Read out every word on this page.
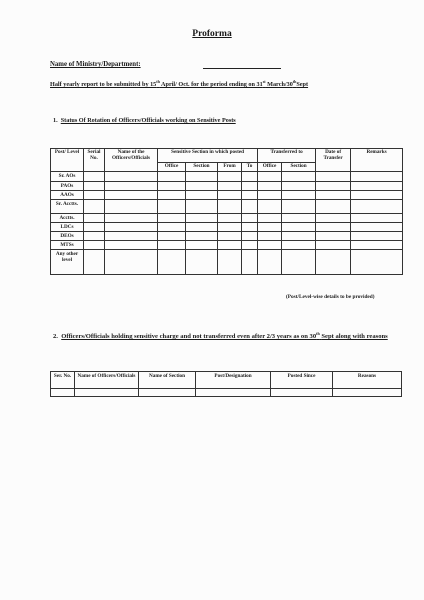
Proforma
Name of Ministry/Department:
Half yearly report to be submitted by 15th April/ Oct. for the period ending on 31st March/30thSept
1. Status Of Rotation of Officers/Officials working on Sensitive Posts
Post/ Level	Serial No.	Name of the Officers/Officials	Sensitive Section in which posted				Transferred to		Date of Transfer	Remarks
			Office	Section	From	To	Office	Section		
Sr. AOs										
PAOs										
AAOs										
Sr. Acctts.										
Acctts.										
LDCs										
DEOs										
MTSs										
Any other level										
(Post/Level-wise details to be provided)
2. Officers/Officials holding sensitive charge and not transferred even after 2/3 years as on 30th Sept along with reasons
Ser. No.	Name of Officers/Officials	Name of Section	Post/Designation	Posted Since	Reasons
